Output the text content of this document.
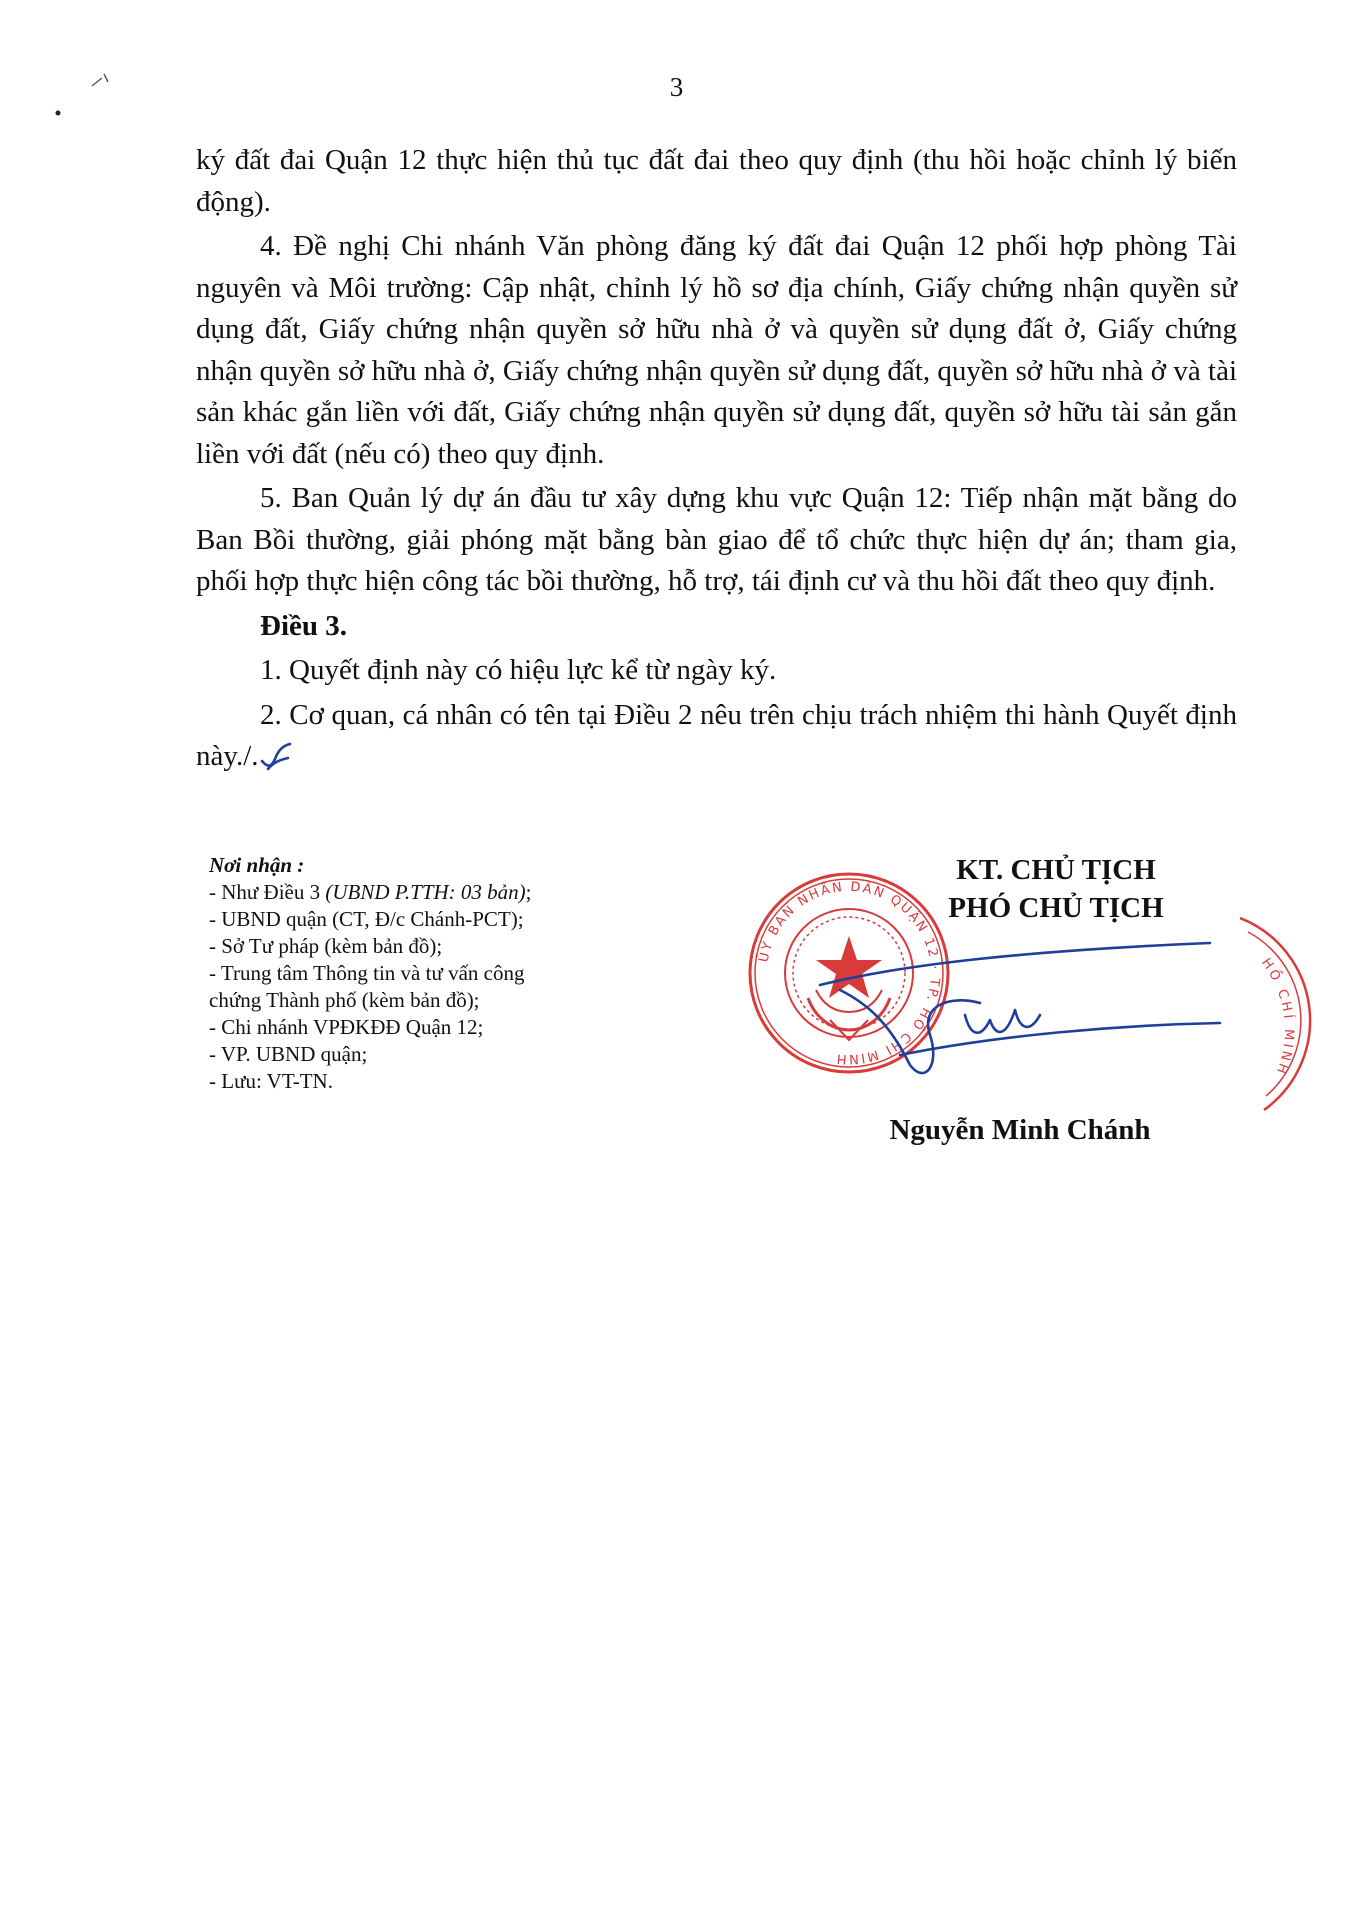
3

ký đất đai Quận 12 thực hiện thủ tục đất đai theo quy định (thu hồi hoặc chỉnh lý biến động).

4. Đề nghị Chi nhánh Văn phòng đăng ký đất đai Quận 12 phối hợp phòng Tài nguyên và Môi trường: Cập nhật, chỉnh lý hồ sơ địa chính, Giấy chứng nhận quyền sử dụng đất, Giấy chứng nhận quyền sở hữu nhà ở và quyền sử dụng đất ở, Giấy chứng nhận quyền sở hữu nhà ở, Giấy chứng nhận quyền sử dụng đất, quyền sở hữu nhà ở và tài sản khác gắn liền với đất, Giấy chứng nhận quyền sử dụng đất, quyền sở hữu tài sản gắn liền với đất (nếu có) theo quy định.

5. Ban Quản lý dự án đầu tư xây dựng khu vực Quận 12: Tiếp nhận mặt bằng do Ban Bồi thường, giải phóng mặt bằng bàn giao để tổ chức thực hiện dự án; tham gia, phối hợp thực hiện công tác bồi thường, hỗ trợ, tái định cư và thu hồi đất theo quy định.

Điều 3.

1. Quyết định này có hiệu lực kể từ ngày ký.

2. Cơ quan, cá nhân có tên tại Điều 2 nêu trên chịu trách nhiệm thi hành Quyết định này./.

Nơi nhận :
- Như Điều 3 (UBND P.TTH: 03 bản);
- UBND quận (CT, Đ/c Chánh-PCT);
- Sở Tư pháp (kèm bản đồ);
- Trung tâm Thông tin và tư vấn công
chứng Thành phố (kèm bản đồ);
- Chi nhánh VPĐKĐĐ Quận 12;
- VP. UBND quận;
- Lưu: VT-TN.
ỦY BAN NHÂN DÂN QUẬN 12 · TP. HỒ CHÍ MINH
HỒ CHÍ MINH
KT. CHỦ TỊCH
PHÓ CHỦ TỊCH
Nguyễn Minh Chánh
